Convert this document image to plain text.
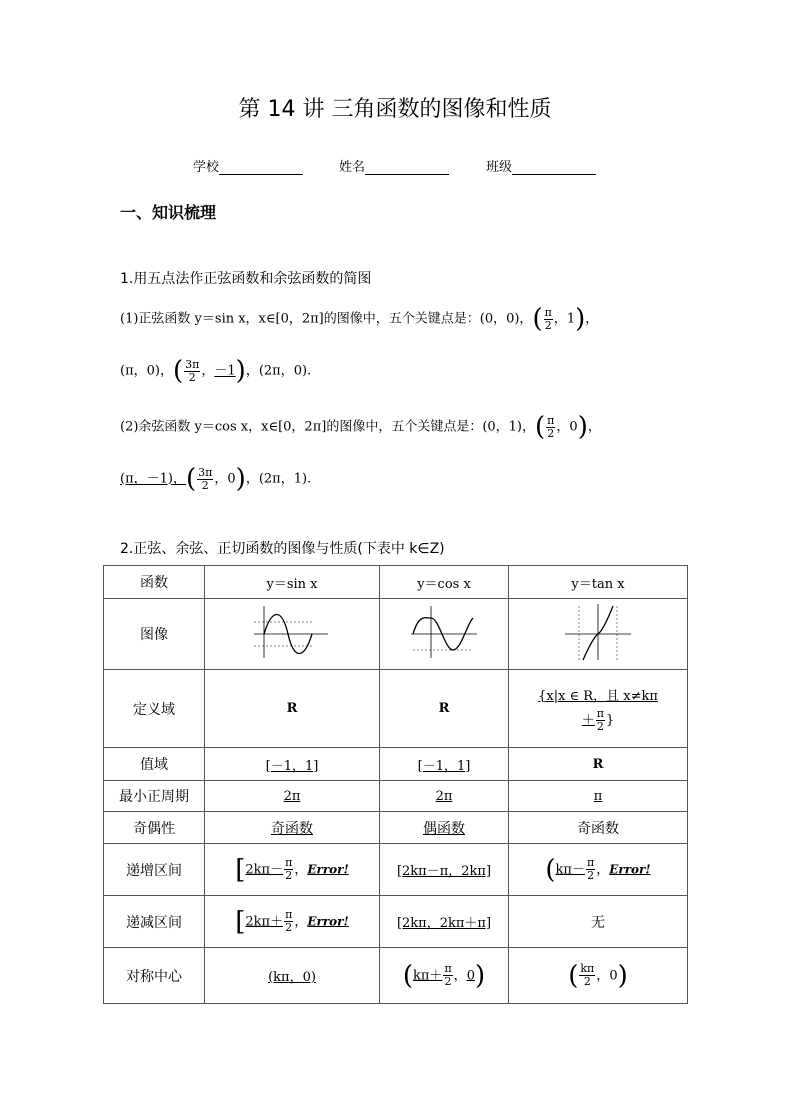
第 14 讲 三角函数的图像和性质
学校	姓名	班级
一、知识梳理
1.用五点法作正弦函数和余弦函数的简图
(1)正弦函数 y＝sin x，x∈[0，2π]的图像中，五个关键点是：(0，0)，( $\frac{\pi}{2}$ ，1)，
(π，0)，( $\frac{3\pi}{2}$ ，－1)，(2π，0).
(2)余弦函数 y＝cos x，x∈[0，2π]的图像中，五个关键点是：(0，1)，( $\frac{\pi}{2}$ ，0)，
(π，－1)，( $\frac{3\pi}{2}$ ，0)，(2π，1).
2.正弦、余弦、正切函数的图像与性质(下表中 k∈Z)
函数	y＝sin x	y＝cos x	y＝tan x
图像			
定义域	R	R	{x|x ∈ R，且 x≠kπ
＋ $\frac{\pi}{2}$ }

值域	[－1，1]	[－1，1]	R
最小正周期	2π	2π	π
奇偶性	奇函数	偶函数	奇函数
递增区间	[$2k\pi- \frac{\pi}{2}$ ，Error!	[2kπ－π，2kπ]	($k\pi- \frac{\pi}{2}$ ，Error!
递减区间	[$2k\pi+ \frac{\pi}{2}$ ，Error!	[2kπ，2kπ＋π]	无
对称中心	(kπ，0)	($k\pi+ \frac{\pi}{2}$ ，0)	( $\frac{k\pi}{2}$ ，0)
